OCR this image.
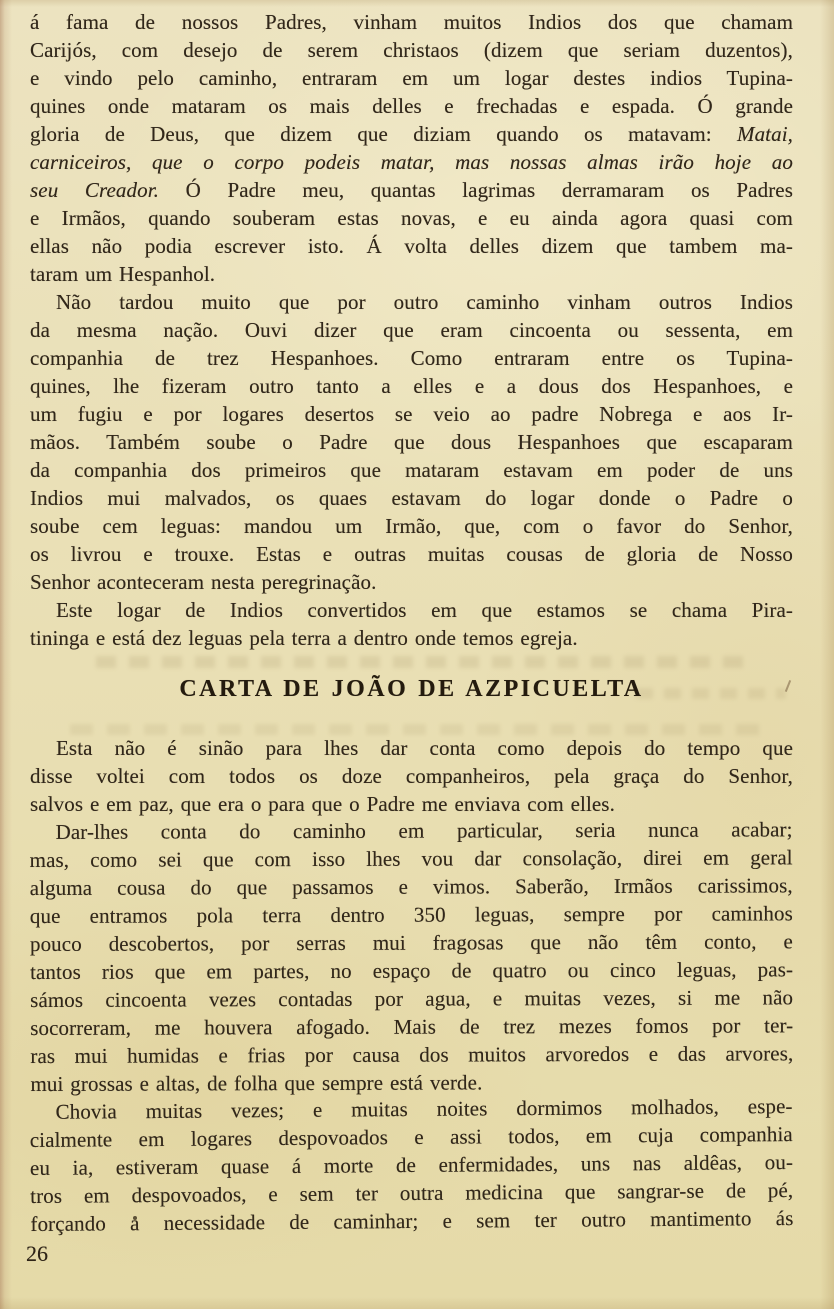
á fama de nossos Padres, vinham muitos Indios dos que chamam
Carijós, com desejo de serem christaos (dizem que seriam duzentos),
e vindo pelo caminho, entraram em um logar destes indios Tupina-
quines onde mataram os mais delles e frechadas e espada. Ó grande
gloria de Deus, que dizem que diziam quando os matavam: Matai,
carniceiros, que o corpo podeis matar, mas nossas almas irão hoje ao
seu Creador. Ó Padre meu, quantas lagrimas derramaram os Padres
e Irmãos, quando souberam estas novas, e eu ainda agora quasi com
ellas não podia escrever isto. Á volta delles dizem que tambem ma-
taram um Hespanhol.
Não tardou muito que por outro caminho vinham outros Indios
da mesma nação. Ouvi dizer que eram cincoenta ou sessenta, em
companhia de trez Hespanhoes. Como entraram entre os Tupina-
quines, lhe fizeram outro tanto a elles e a dous dos Hespanhoes, e
um fugiu e por logares desertos se veio ao padre Nobrega e aos Ir-
mãos. Também soube o Padre que dous Hespanhoes que escaparam
da companhia dos primeiros que mataram estavam em poder de uns
Indios mui malvados, os quaes estavam do logar donde o Padre o
soube cem leguas: mandou um Irmão, que, com o favor do Senhor,
os livrou e trouxe. Estas e outras muitas cousas de gloria de Nosso
Senhor aconteceram nesta peregrinação.
Este logar de Indios convertidos em que estamos se chama Pira-
tininga e está dez leguas pela terra a dentro onde temos egreja.
CARTA DE JOÃO DE AZPICUELTA
Esta não é sinão para lhes dar conta como depois do tempo que
disse voltei com todos os doze companheiros, pela graça do Senhor,
salvos e em paz, que era o para que o Padre me enviava com elles.
Dar-lhes conta do caminho em particular, seria nunca acabar;
mas, como sei que com isso lhes vou dar consolação, direi em geral
alguma cousa do que passamos e vimos. Saberão, Irmãos carissimos,
que entramos pola terra dentro 350 leguas, sempre por caminhos
pouco descobertos, por serras mui fragosas que não têm conto, e
tantos rios que em partes, no espaço de quatro ou cinco leguas, pas-
sámos cincoenta vezes contadas por agua, e muitas vezes, si me não
socorreram, me houvera afogado. Mais de trez mezes fomos por ter-
ras mui humidas e frias por causa dos muitos arvoredos e das arvores,
mui grossas e altas, de folha que sempre está verde.
Chovia muitas vezes; e muitas noites dormimos molhados, espe-
cialmente em logares despovoados e assi todos, em cuja companhia
eu ia, estiveram quase á morte de enfermidades, uns nas aldêas, ou-
tros em despovoados, e sem ter outra medicina que sangrar-se de pé,
forçando a necessidade de caminhar; e sem ter outro mantimento ás
26
